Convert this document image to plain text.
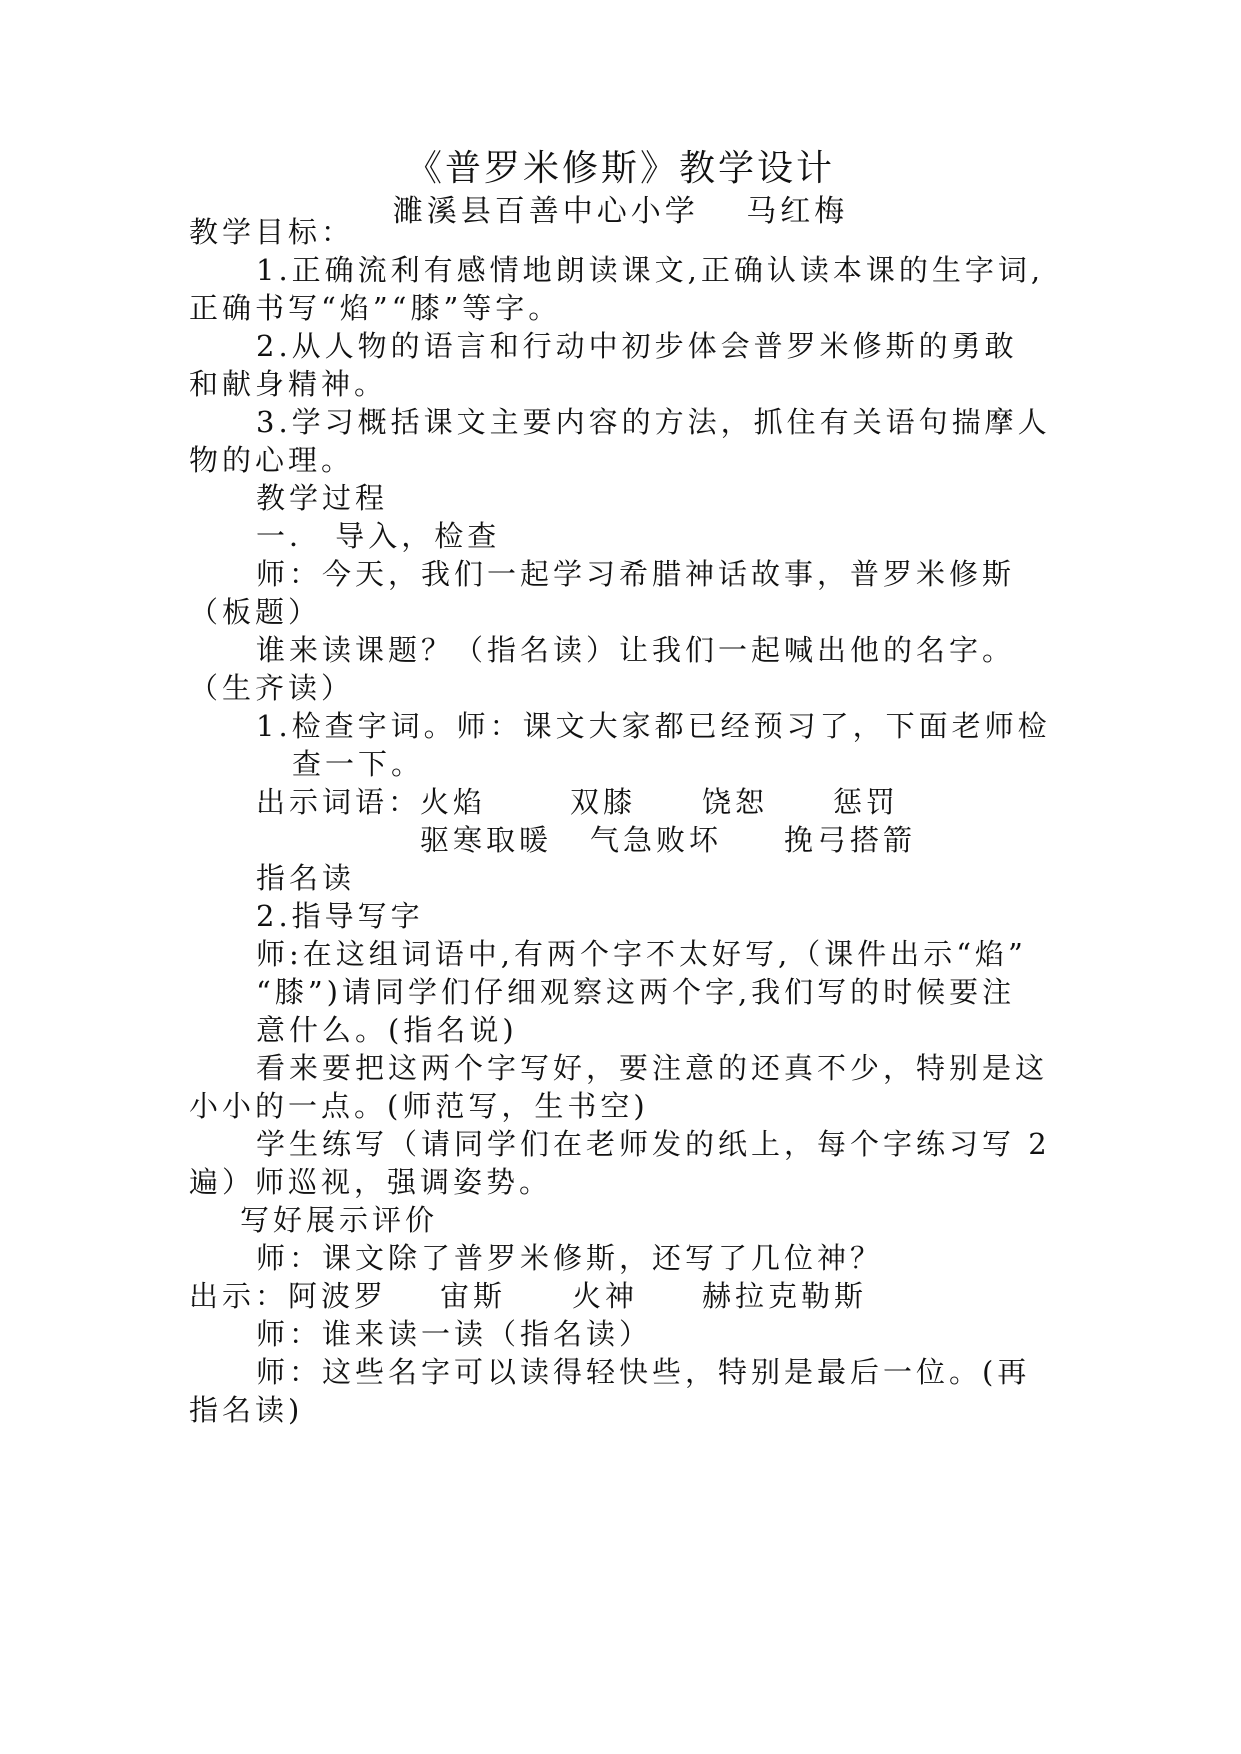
《普罗米修斯》教学设计
濉溪县百善中心小学　 马红梅
教学目标：
1.正确流利有感情地朗读课文,正确认读本课的生字词,
正确书写“焰”“膝”等字。
2.从人物的语言和行动中初步体会普罗米修斯的勇敢
和献身精神。
3.学习概括课文主要内容的方法，抓住有关语句揣摩人
物的心理。
教学过程
一． 导入，检查
师：今天，我们一起学习希腊神话故事，普罗米修斯
（板题）
谁来读课题？（指名读）让我们一起喊出他的名字。
（生齐读）
1.检查字词。师：课文大家都已经预习了，下面老师检
查一下。
出示词语：
火焰	双膝 饶恕 惩罚
驱寒取暖 气急败坏 挽弓搭箭
指名读
2.指导写字
师:在这组词语中,有两个字不太好写,（课件出示“焰”
“膝”)请同学们仔细观察这两个字,我们写的时候要注
意什么。(指名说)
看来要把这两个字写好，要注意的还真不少，特别是这
小小的一点。(师范写，生书空)
学生练写（请同学们在老师发的纸上，每个字练习写 2
遍）师巡视，强调姿势。
写好展示评价
师：课文除了普罗米修斯，还写了几位神？
出示： 阿波罗 宙斯 火神 赫拉克勒斯
师：谁来读一读（指名读）
师：这些名字可以读得轻快些，特别是最后一位。(再
指名读)
